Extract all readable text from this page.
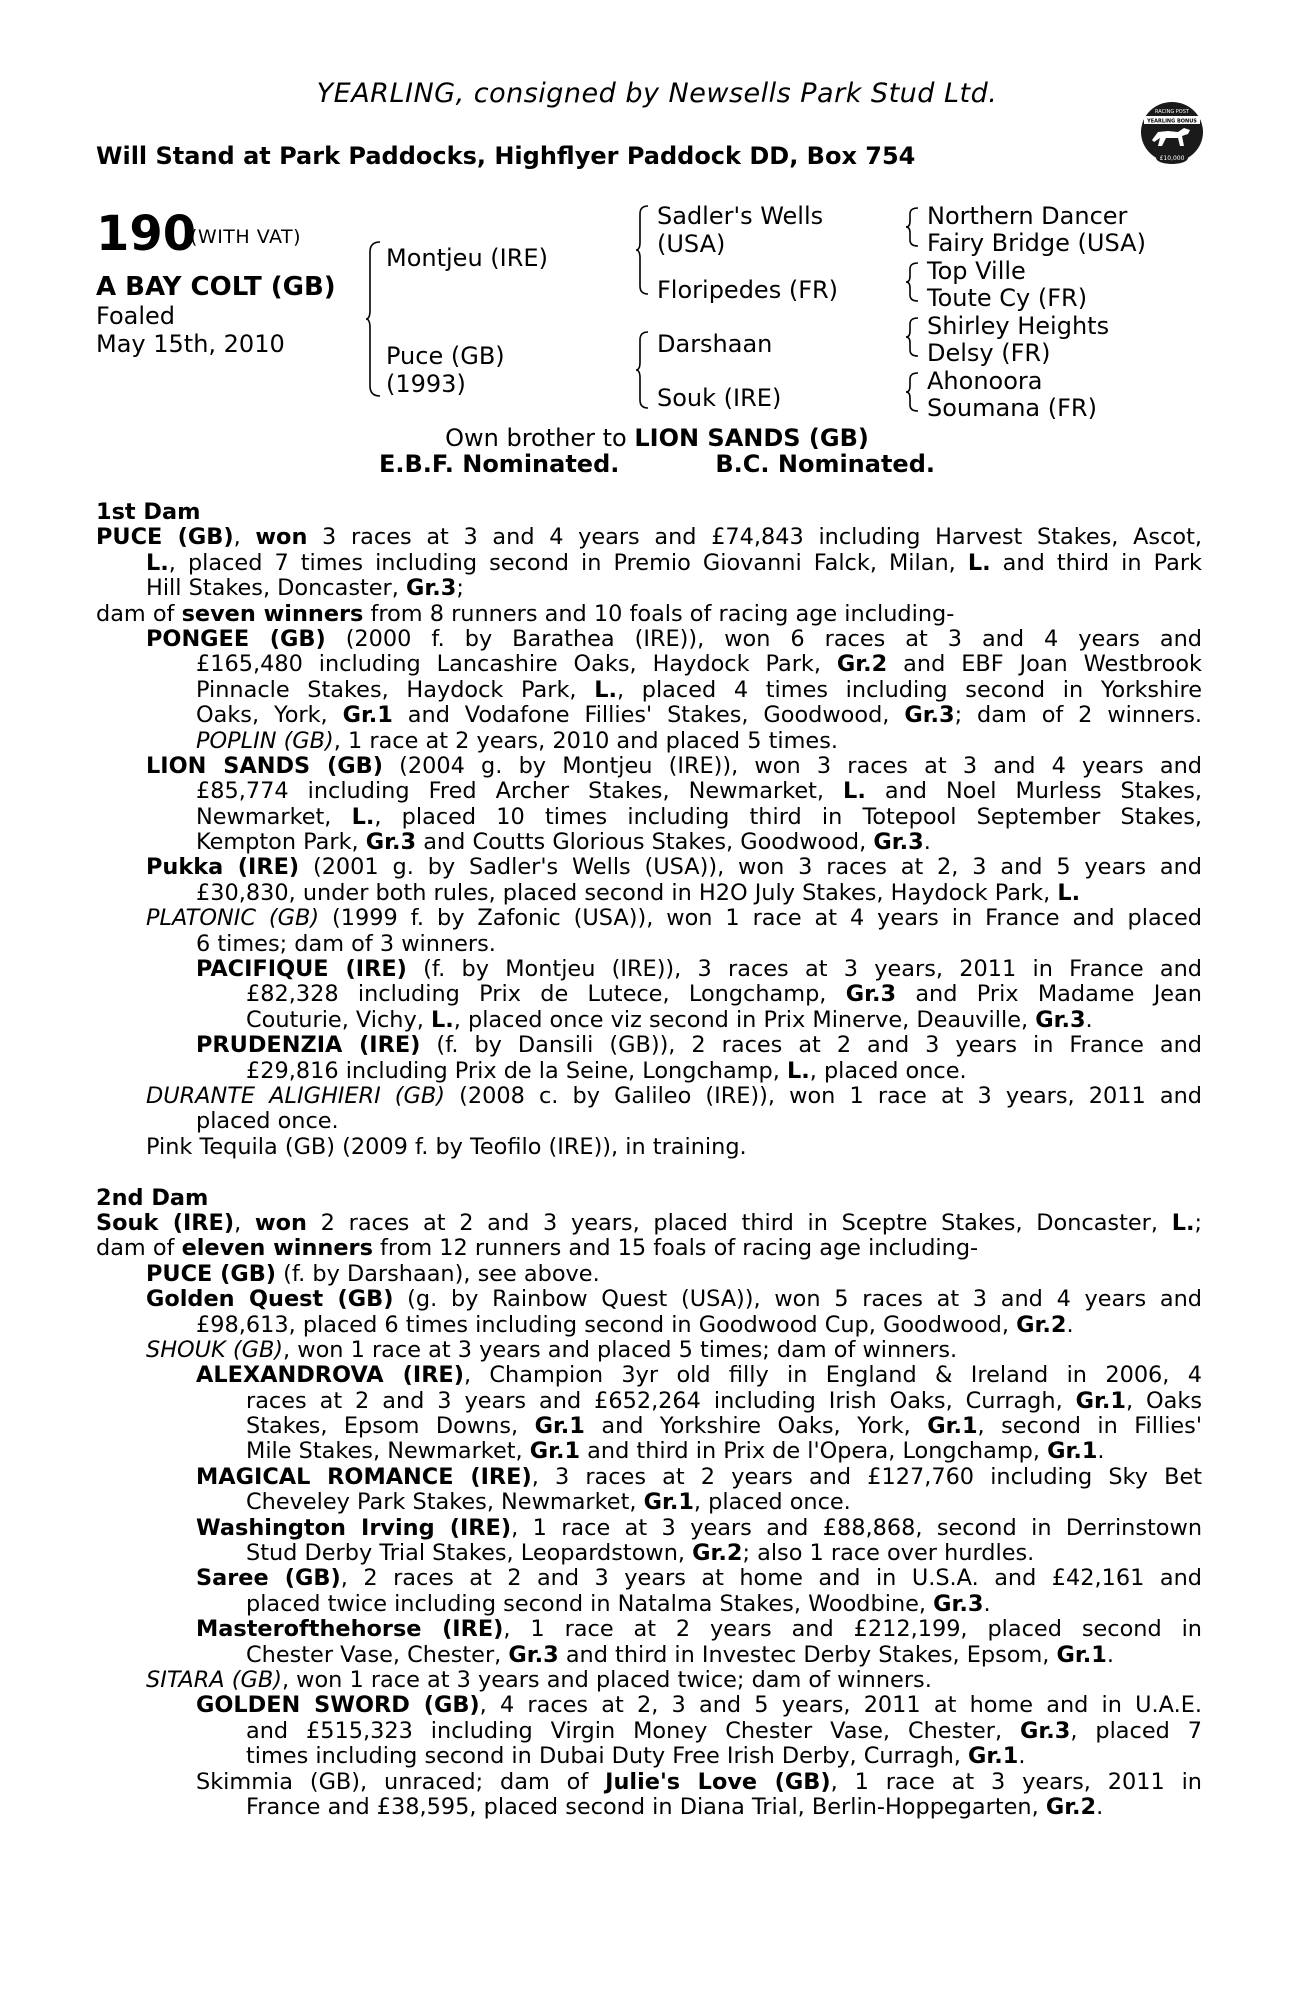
YEARLING, consigned by Newsells Park Stud Ltd.
Will Stand at Park Paddocks, Highflyer Paddock DD, Box 754
RACING POST
YEARLING BONUS
£10,000
190
(WITH VAT)
A BAY COLT (GB)
Foaled
May 15th, 2010
Montjeu (IRE)
Puce (GB)
(1993)
Sadler's Wells
(USA)
Floripedes (FR)
Darshaan
Souk (IRE)
Northern Dancer
Fairy Bridge (USA)
Top Ville
Toute Cy (FR)
Shirley Heights
Delsy (FR)
Ahonoora
Soumana (FR)
Own brother to LION SANDS (GB)
E.B.F. Nominated.	B.C. Nominated.
1st Dam
PUCE (GB), won 3 races at 3 and 4 years and £74,843 including Harvest Stakes, Ascot,
L., placed 7 times including second in Premio Giovanni Falck, Milan, L. and third in Park
Hill Stakes, Doncaster, Gr.3;
dam of seven winners from 8 runners and 10 foals of racing age including-
PONGEE (GB) (2000 f. by Barathea (IRE)), won 6 races at 3 and 4 years and
£165,480 including Lancashire Oaks, Haydock Park, Gr.2 and EBF Joan Westbrook
Pinnacle Stakes, Haydock Park, L., placed 4 times including second in Yorkshire
Oaks, York, Gr.1 and Vodafone Fillies' Stakes, Goodwood, Gr.3; dam of 2 winners.
POPLIN (GB), 1 race at 2 years, 2010 and placed 5 times.
LION SANDS (GB) (2004 g. by Montjeu (IRE)), won 3 races at 3 and 4 years and
£85,774 including Fred Archer Stakes, Newmarket, L. and Noel Murless Stakes,
Newmarket, L., placed 10 times including third in Totepool September Stakes,
Kempton Park, Gr.3 and Coutts Glorious Stakes, Goodwood, Gr.3.
Pukka (IRE) (2001 g. by Sadler's Wells (USA)), won 3 races at 2, 3 and 5 years and
£30,830, under both rules, placed second in H2O July Stakes, Haydock Park, L.
PLATONIC (GB) (1999 f. by Zafonic (USA)), won 1 race at 4 years in France and placed
6 times; dam of 3 winners.
PACIFIQUE (IRE) (f. by Montjeu (IRE)), 3 races at 3 years, 2011 in France and
£82,328 including Prix de Lutece, Longchamp, Gr.3 and Prix Madame Jean
Couturie, Vichy, L., placed once viz second in Prix Minerve, Deauville, Gr.3.
PRUDENZIA (IRE) (f. by Dansili (GB)), 2 races at 2 and 3 years in France and
£29,816 including Prix de la Seine, Longchamp, L., placed once.
DURANTE ALIGHIERI (GB) (2008 c. by Galileo (IRE)), won 1 race at 3 years, 2011 and
placed once.
Pink Tequila (GB) (2009 f. by Teofilo (IRE)), in training.
2nd Dam
Souk (IRE), won 2 races at 2 and 3 years, placed third in Sceptre Stakes, Doncaster, L.;
dam of eleven winners from 12 runners and 15 foals of racing age including-
PUCE (GB) (f. by Darshaan), see above.
Golden Quest (GB) (g. by Rainbow Quest (USA)), won 5 races at 3 and 4 years and
£98,613, placed 6 times including second in Goodwood Cup, Goodwood, Gr.2.
SHOUK (GB), won 1 race at 3 years and placed 5 times; dam of winners.
ALEXANDROVA (IRE), Champion 3yr old filly in England & Ireland in 2006, 4
races at 2 and 3 years and £652,264 including Irish Oaks, Curragh, Gr.1, Oaks
Stakes, Epsom Downs, Gr.1 and Yorkshire Oaks, York, Gr.1, second in Fillies'
Mile Stakes, Newmarket, Gr.1 and third in Prix de l'Opera, Longchamp, Gr.1.
MAGICAL ROMANCE (IRE), 3 races at 2 years and £127,760 including Sky Bet
Cheveley Park Stakes, Newmarket, Gr.1, placed once.
Washington Irving (IRE), 1 race at 3 years and £88,868, second in Derrinstown
Stud Derby Trial Stakes, Leopardstown, Gr.2; also 1 race over hurdles.
Saree (GB), 2 races at 2 and 3 years at home and in U.S.A. and £42,161 and
placed twice including second in Natalma Stakes, Woodbine, Gr.3.
Masterofthehorse (IRE), 1 race at 2 years and £212,199, placed second in
Chester Vase, Chester, Gr.3 and third in Investec Derby Stakes, Epsom, Gr.1.
SITARA (GB), won 1 race at 3 years and placed twice; dam of winners.
GOLDEN SWORD (GB), 4 races at 2, 3 and 5 years, 2011 at home and in U.A.E.
and £515,323 including Virgin Money Chester Vase, Chester, Gr.3, placed 7
times including second in Dubai Duty Free Irish Derby, Curragh, Gr.1.
Skimmia (GB), unraced; dam of Julie's Love (GB), 1 race at 3 years, 2011 in
France and £38,595, placed second in Diana Trial, Berlin-Hoppegarten, Gr.2.
